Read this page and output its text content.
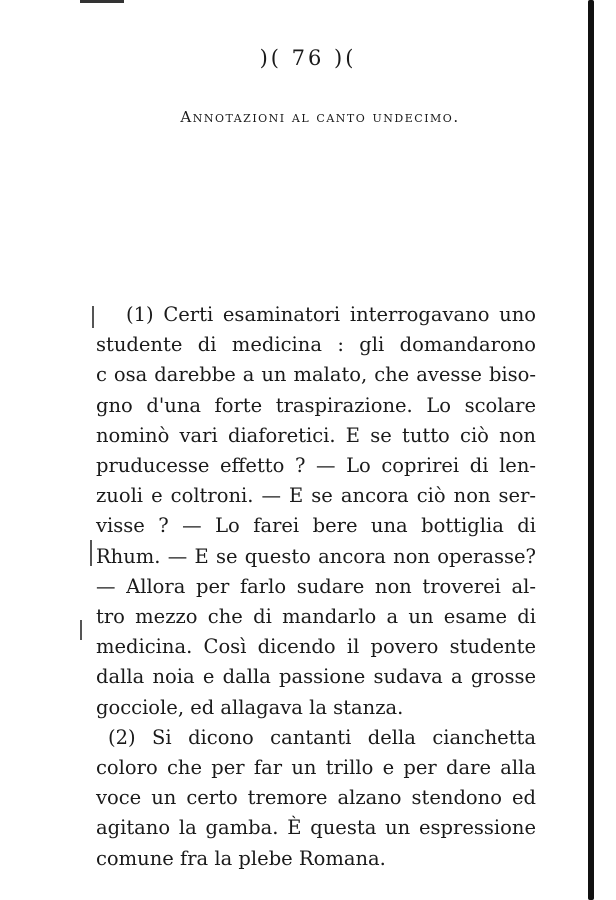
)( 76 )(
Annotazioni al canto undecimo.
(1) Certi esaminatori interrogavano uno
studente di medicina : gli domandarono
c osa darebbe a un malato, che avesse biso-
gno d'una forte traspirazione. Lo scolare
nominò vari diaforetici. E se tutto ciò non
pruducesse effetto ? — Lo coprirei di len-
zuoli e coltroni. — E se ancora ciò non ser-
visse ? — Lo farei bere una bottiglia di
Rhum. — E se questo ancora non operasse?
— Allora per farlo sudare non troverei al-
tro mezzo che di mandarlo a un esame di
medicina. Così dicendo il povero studente
dalla noia e dalla passione sudava a grosse
gocciole, ed allagava la stanza.
(2) Si dicono cantanti della cianchetta
coloro che per far un trillo e per dare alla
voce un certo tremore alzano stendono ed
agitano la gamba. È questa un espressione
comune fra la plebe Romana.
